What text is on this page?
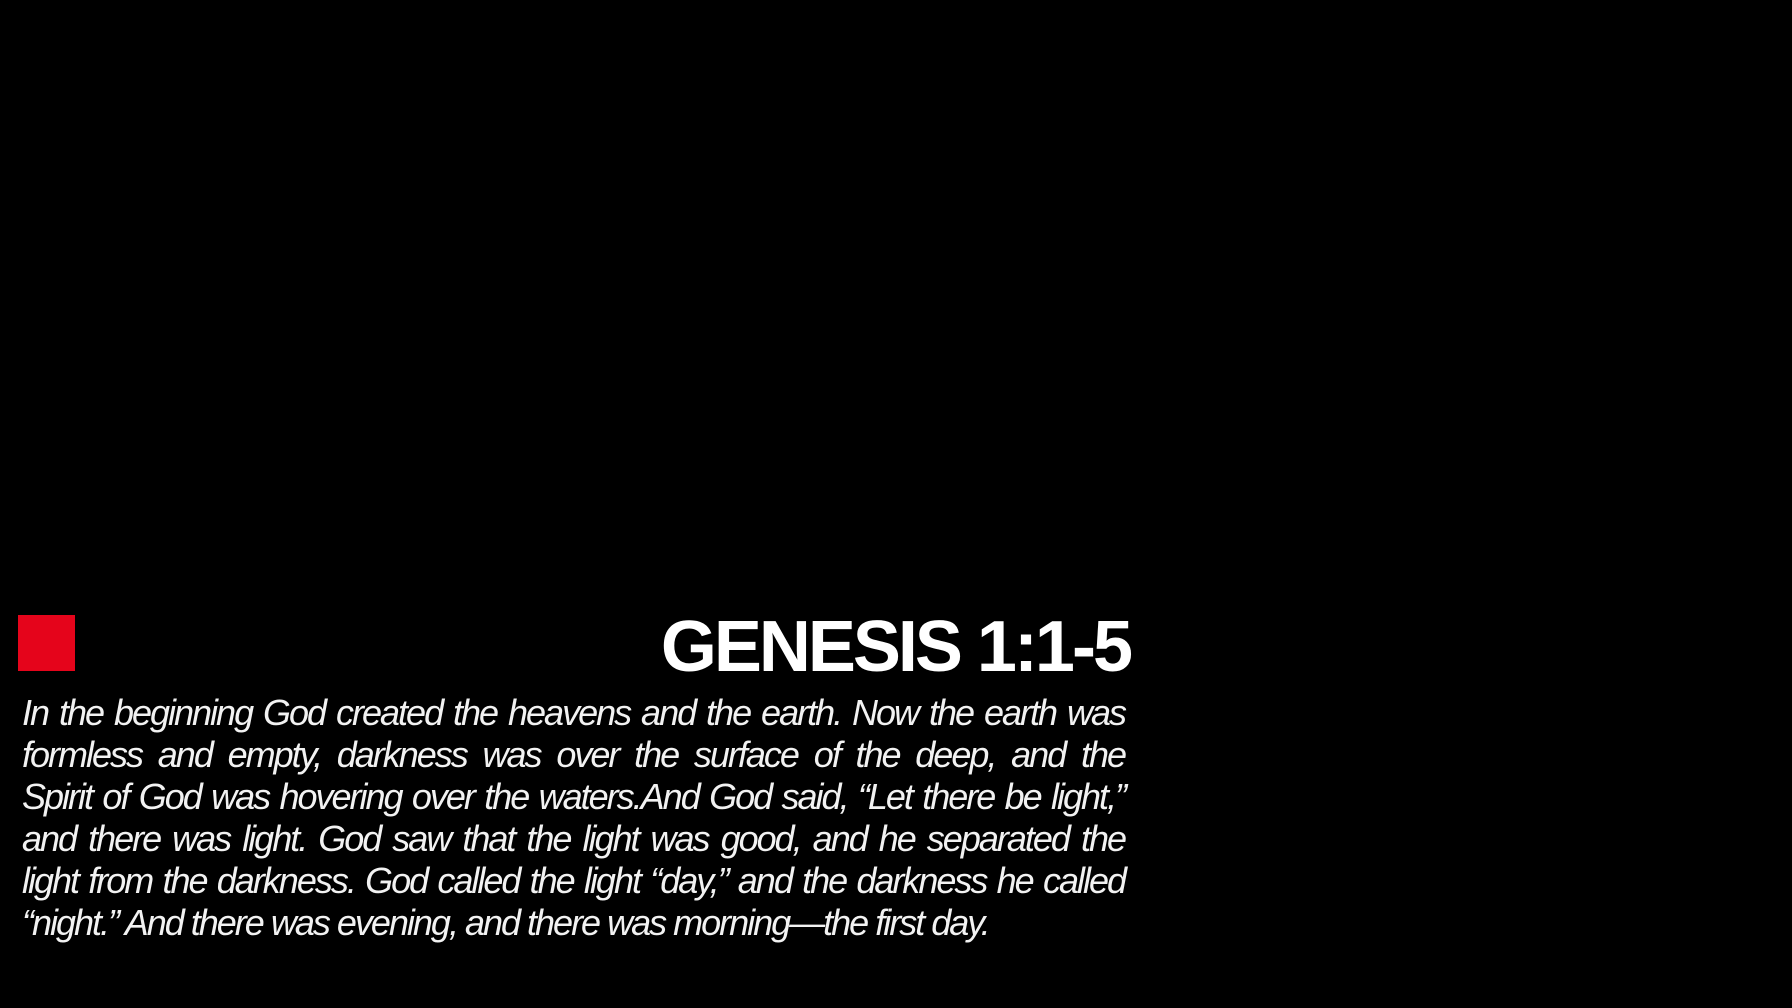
GENESIS 1:1-5
In the beginning God created the heavens and the earth. Now the earth was
formless and empty, darkness was over the surface of the deep, and the
Spirit of God was hovering over the waters.And God said, “Let there be light,”
and there was light. God saw that the light was good, and he separated the
light from the darkness. God called the light “day,” and the darkness he called
“night.” And there was evening, and there was morning—the first day.
